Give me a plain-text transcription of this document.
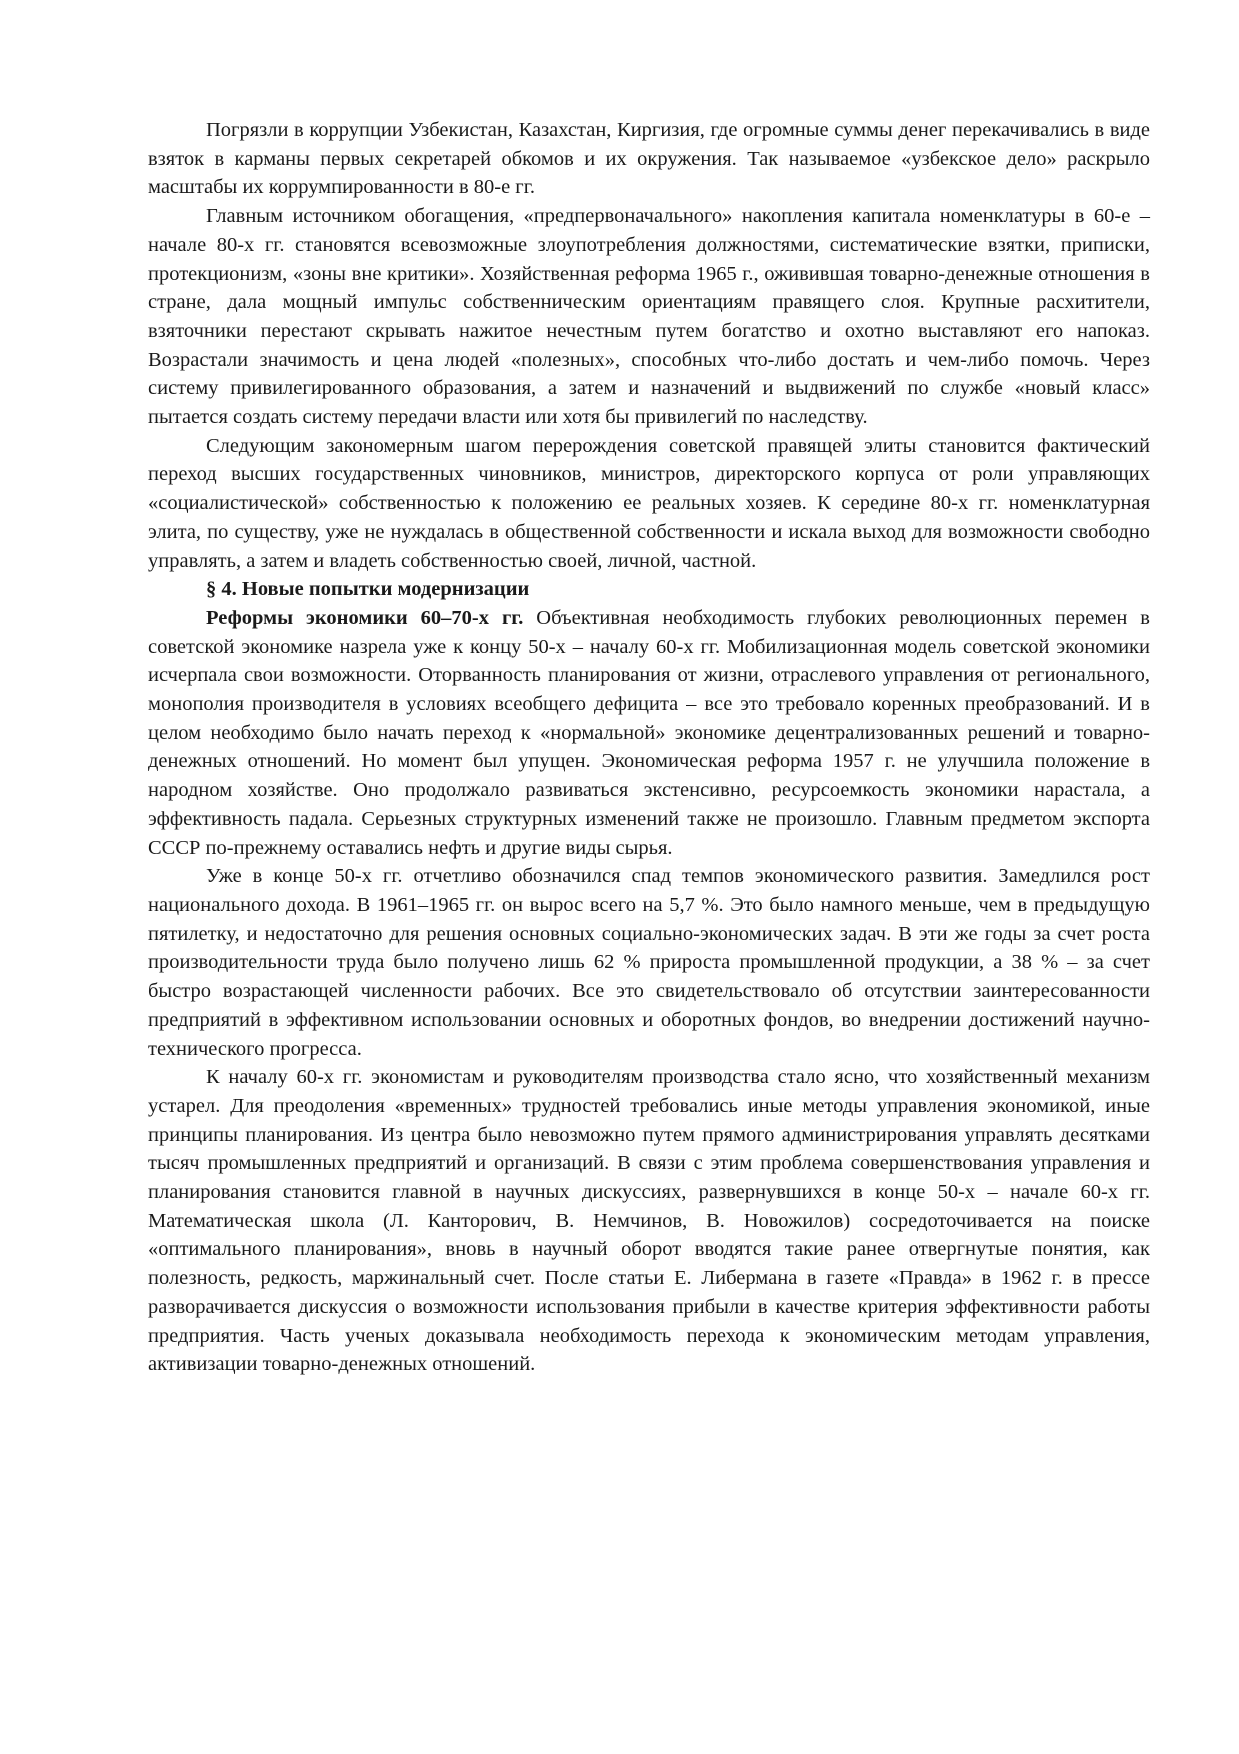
Погрязли в коррупции Узбекистан, Казахстан, Киргизия, где огромные суммы денег перекачивались в виде взяток в карманы первых секретарей обкомов и их окружения. Так называемое «узбекское дело» раскрыло масштабы их коррумпированности в 80-е гг.

Главным источником обогащения, «предпервоначального» накопления капитала номенклатуры в 60-е – начале 80-х гг. становятся всевозможные злоупотребления должностями, систематические взятки, приписки, протекционизм, «зоны вне критики». Хозяйственная реформа 1965 г., оживившая товарно-денежные отношения в стране, дала мощный импульс собственническим ориентациям правящего слоя. Крупные расхитители, взяточники перестают скрывать нажитое нечестным путем богатство и охотно выставляют его напоказ. Возрастали значимость и цена людей «полезных», способных что-либо достать и чем-либо помочь. Через систему привилегированного образования, а затем и назначений и выдвижений по службе «новый класс» пытается создать систему передачи власти или хотя бы привилегий по наследству.

Следующим закономерным шагом перерождения советской правящей элиты становится фактический переход высших государственных чиновников, министров, директорского корпуса от роли управляющих «социалистической» собственностью к положению ее реальных хозяев. К середине 80-х гг. номенклатурная элита, по существу, уже не нуждалась в общественной собственности и искала выход для возможности свободно управлять, а затем и владеть собственностью своей, личной, частной.

§ 4. Новые попытки модернизации

Реформы экономики 60–70-х гг. Объективная необходимость глубоких революционных перемен в советской экономике назрела уже к концу 50-х – началу 60-х гг. Мобилизационная модель советской экономики исчерпала свои возможности. Оторванность планирования от жизни, отраслевого управления от регионального, монополия производителя в условиях всеобщего дефицита – все это требовало коренных преобразований. И в целом необходимо было начать переход к «нормальной» экономике децентрализованных решений и товарно-денежных отношений. Но момент был упущен. Экономическая реформа 1957 г. не улучшила положение в народном хозяйстве. Оно продолжало развиваться экстенсивно, ресурсоемкость экономики нарастала, а эффективность падала. Серьезных структурных изменений также не произошло. Главным предметом экспорта СССР по-прежнему оставались нефть и другие виды сырья.

Уже в конце 50-х гг. отчетливо обозначился спад темпов экономического развития. Замедлился рост национального дохода. В 1961–1965 гг. он вырос всего на 5,7 %. Это было намного меньше, чем в предыдущую пятилетку, и недостаточно для решения основных социально-экономических задач. В эти же годы за счет роста производительности труда было получено лишь 62 % прироста промышленной продукции, а 38 % – за счет быстро возрастающей численности рабочих. Все это свидетельствовало об отсутствии заинтересованности предприятий в эффективном использовании основных и оборотных фондов, во внедрении достижений научно-технического прогресса.

К началу 60-х гг. экономистам и руководителям производства стало ясно, что хозяйственный механизм устарел. Для преодоления «временных» трудностей требовались иные методы управления экономикой, иные принципы планирования. Из центра было невозможно путем прямого администрирования управлять десятками тысяч промышленных предприятий и организаций. В связи с этим проблема совершенствования управления и планирования становится главной в научных дискуссиях, развернувшихся в конце 50-х – начале 60-х гг. Математическая школа (Л. Канторович, В. Немчинов, В. Новожилов) сосредоточивается на поиске «оптимального планирования», вновь в научный оборот вводятся такие ранее отвергнутые понятия, как полезность, редкость, маржинальный счет. После статьи Е. Либермана в газете «Правда» в 1962 г. в прессе разворачивается дискуссия о возможности использования прибыли в качестве критерия эффективности работы предприятия. Часть ученых доказывала необходимость перехода к экономическим методам управления, активизации товарно-денежных отношений.
